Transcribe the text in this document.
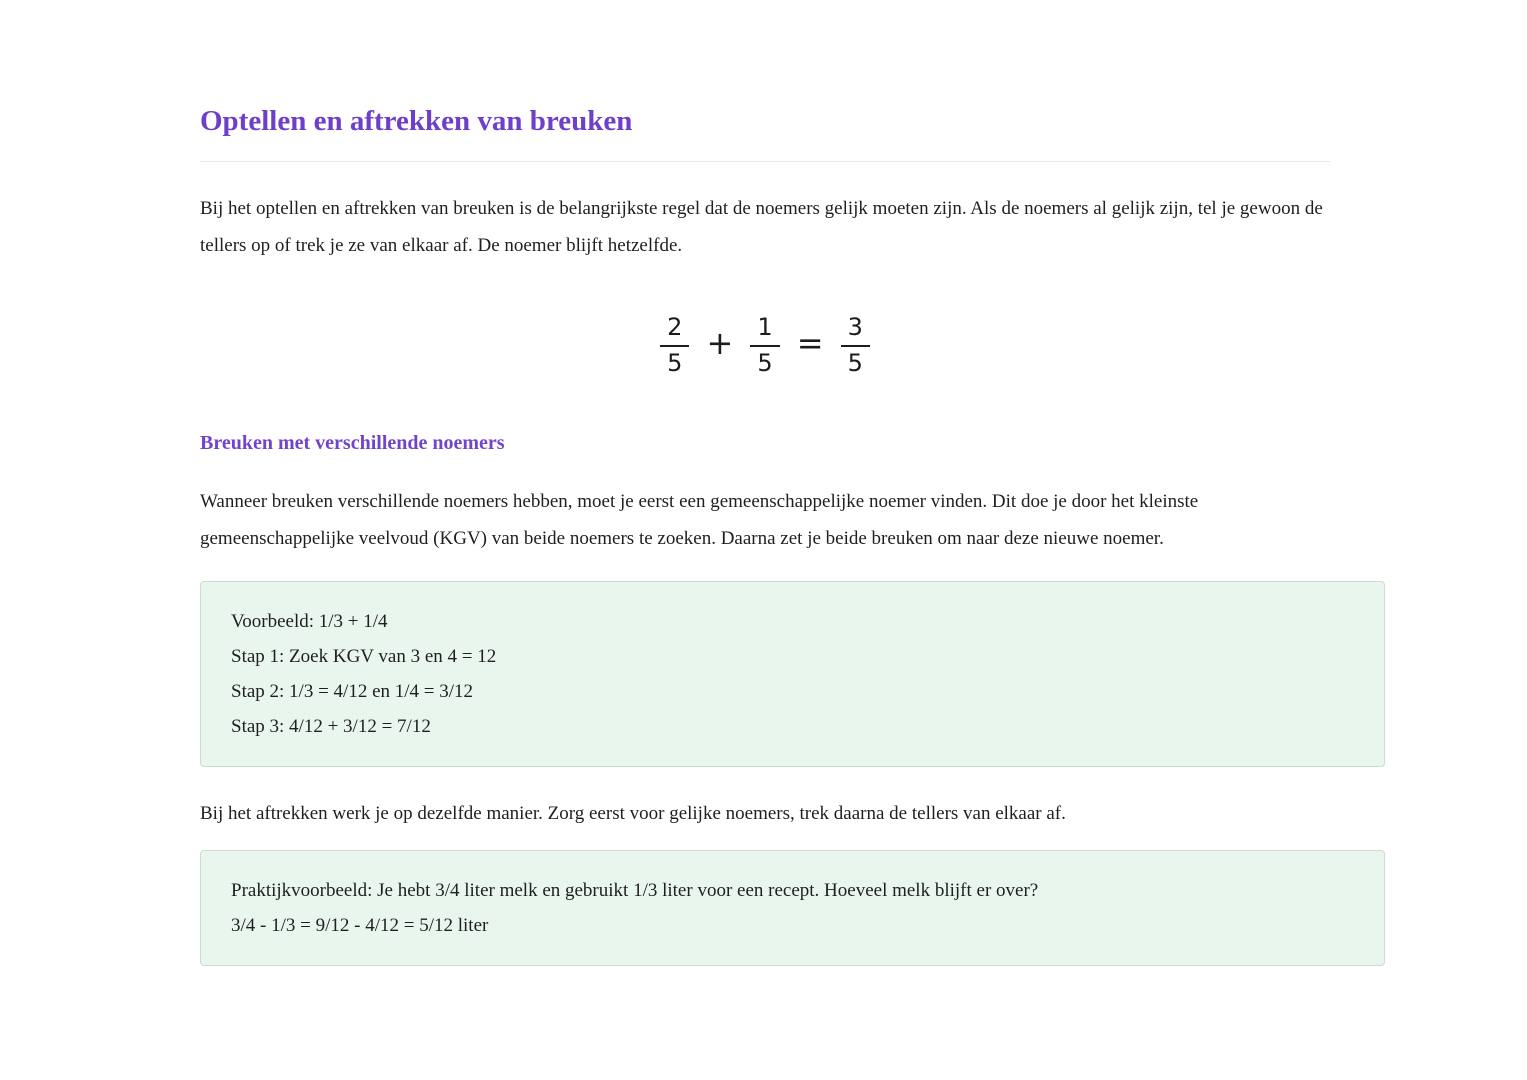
Optellen en aftrekken van breuken

Bij het optellen en aftrekken van breuken is de belangrijkste regel dat de noemers gelijk moeten zijn. Als de noemers al gelijk zijn, tel je gewoon de tellers op of trek je ze van elkaar af. De noemer blijft hetzelfde.

$\frac{2}{5} + \frac{1}{5} = \frac{3}{5}$
Breuken met verschillende noemers

Wanneer breuken verschillende noemers hebben, moet je eerst een gemeenschappelijke noemer vinden. Dit doe je door het kleinste gemeenschappelijke veelvoud (KGV) van beide noemers te zoeken. Daarna zet je beide breuken om naar deze nieuwe noemer.

Voorbeeld: 1/3 + 1/4
Stap 1: Zoek KGV van 3 en 4 = 12
Stap 2: 1/3 = 4/12 en 1/4 = 3/12
Stap 3: 4/12 + 3/12 = 7/12

Bij het aftrekken werk je op dezelfde manier. Zorg eerst voor gelijke noemers, trek daarna de tellers van elkaar af.

Praktijkvoorbeeld: Je hebt 3/4 liter melk en gebruikt 1/3 liter voor een recept. Hoeveel melk blijft er over?
3/4 - 1/3 = 9/12 - 4/12 = 5/12 liter
